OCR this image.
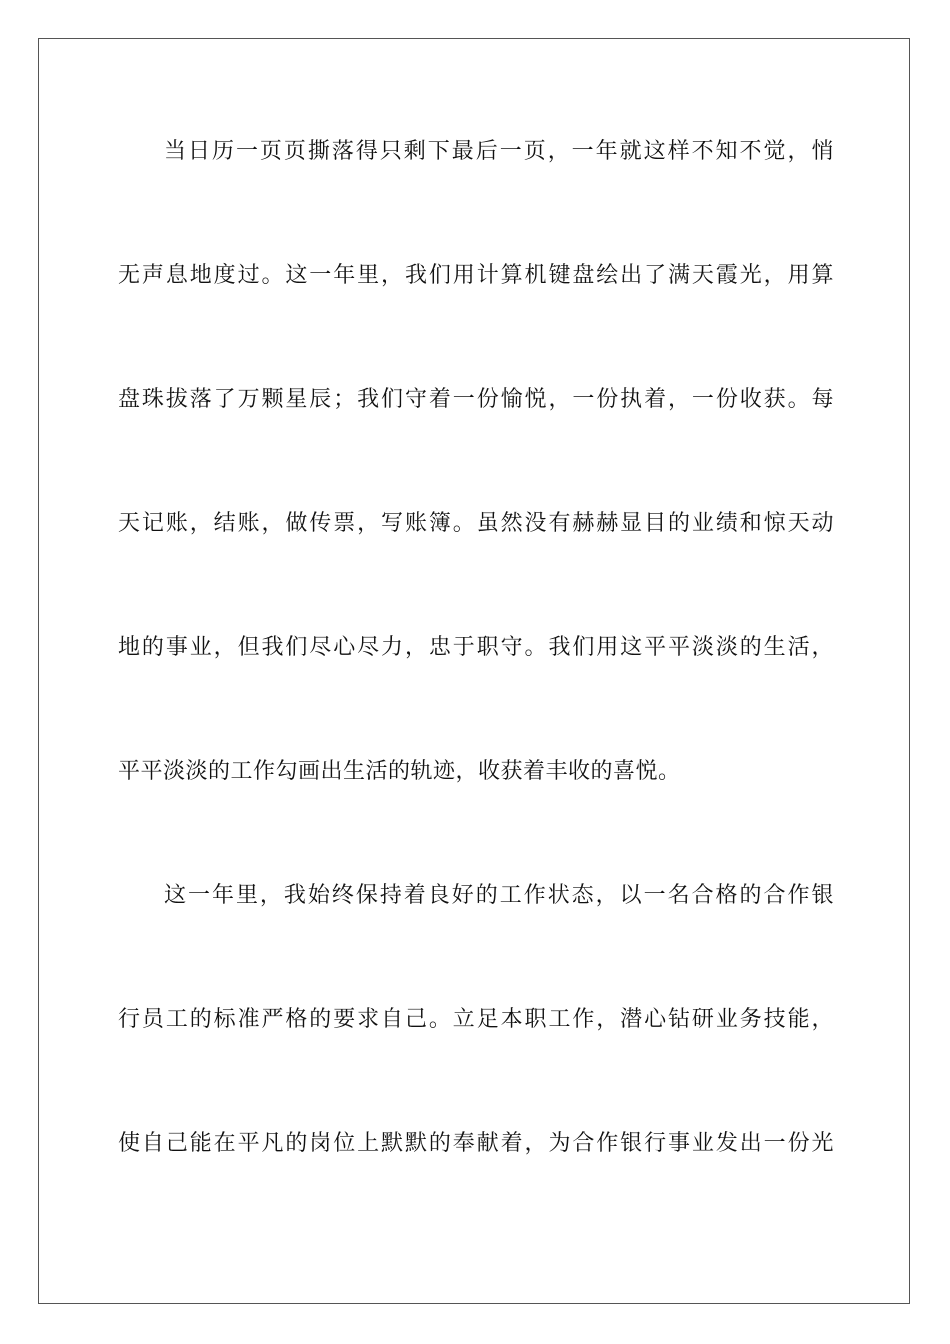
当日历一页页撕落得只剩下最后一页，一年就这样不知不觉，悄
无声息地度过。这一年里，我们用计算机键盘绘出了满天霞光，用算
盘珠拔落了万颗星辰；我们守着一份愉悦，一份执着，一份收获。每
天记账，结账，做传票，写账簿。虽然没有赫赫显目的业绩和惊天动
地的事业，但我们尽心尽力，忠于职守。我们用这平平淡淡的生活，
平平淡淡的工作勾画出生活的轨迹，收获着丰收的喜悦。
这一年里，我始终保持着良好的工作状态，以一名合格的合作银
行员工的标准严格的要求自己。立足本职工作，潜心钻研业务技能，
使自己能在平凡的岗位上默默的奉献着，为合作银行事业发出一份光
